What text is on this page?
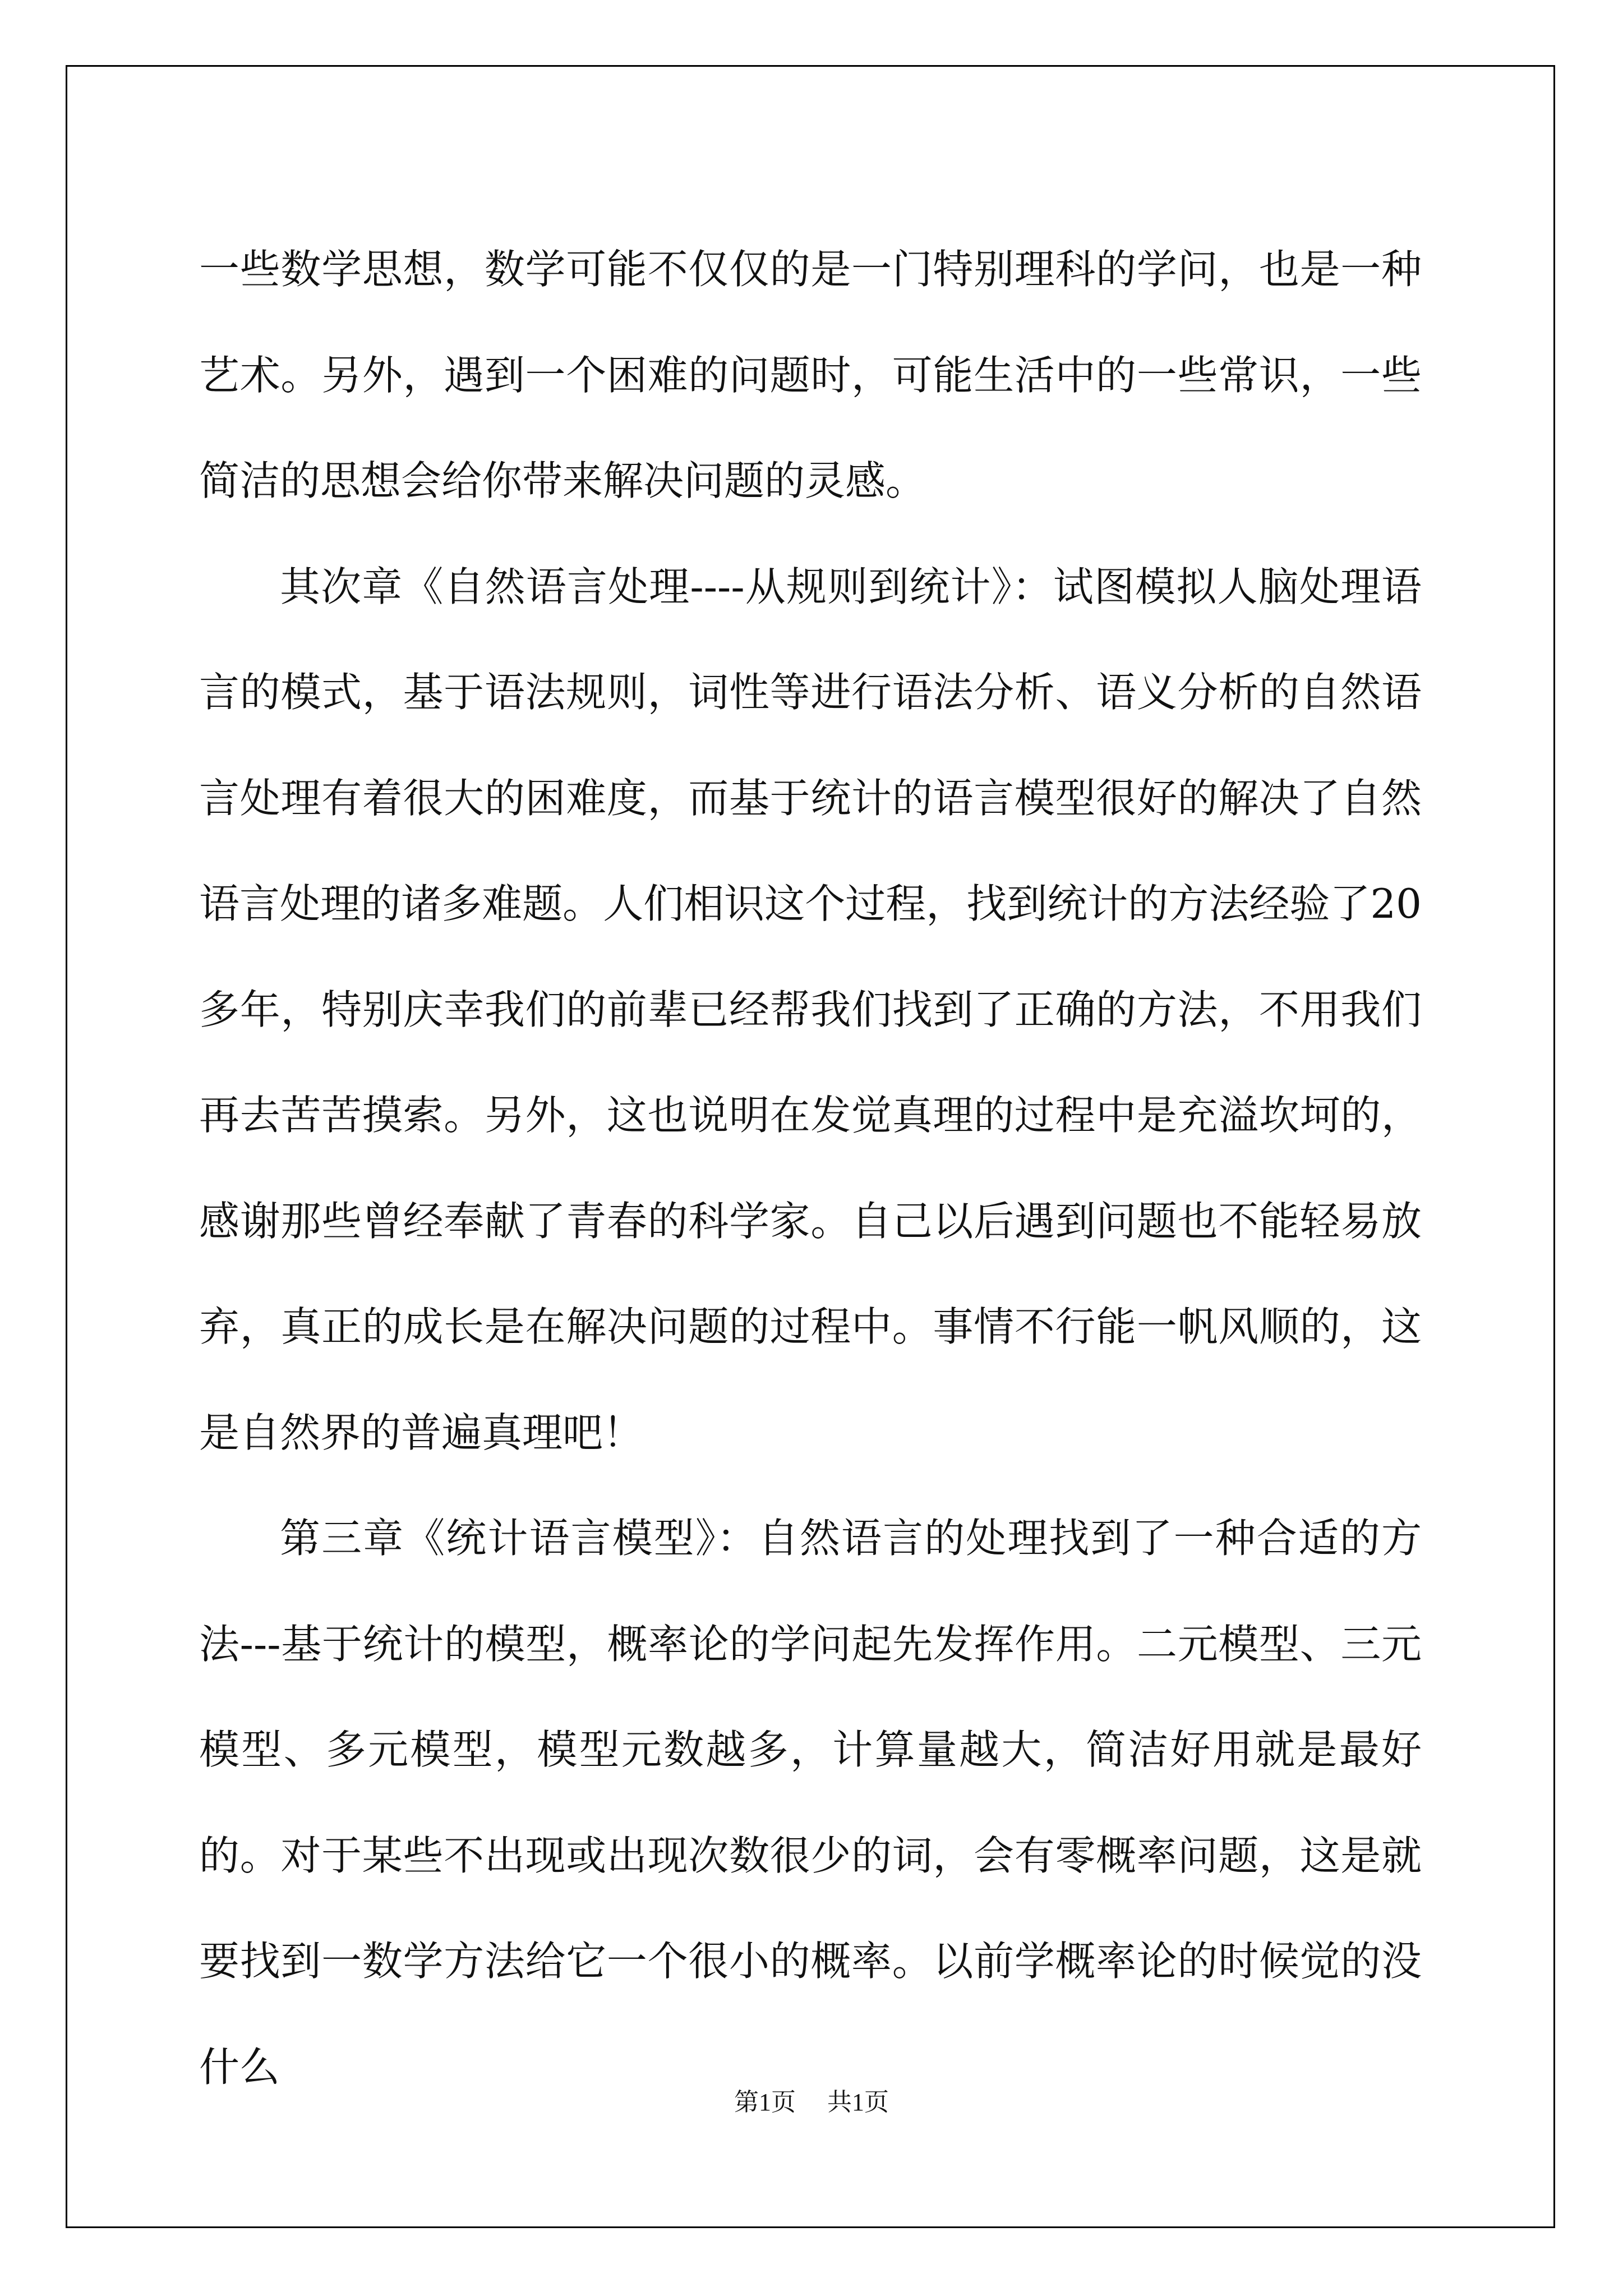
一些数学思想，数学可能不仅仅的是一门特别理科的学问，也是一种艺术。另外，遇到一个困难的问题时，可能生活中的一些常识，一些简洁的思想会给你带来解决问题的灵感。

其次章《自然语言处理----从规则到统计》：试图模拟人脑处理语言的模式，基于语法规则，词性等进行语法分析、语义分析的自然语言处理有着很大的困难度，而基于统计的语言模型很好的解决了自然语言处理的诸多难题。人们相识这个过程，找到统计的方法经验了20多年，特别庆幸我们的前辈已经帮我们找到了正确的方法，不用我们再去苦苦摸索。另外，这也说明在发觉真理的过程中是充溢坎坷的，感谢那些曾经奉献了青春的科学家。自己以后遇到问题也不能轻易放弃，真正的成长是在解决问题的过程中。事情不行能一帆风顺的，这是自然界的普遍真理吧！

第三章《统计语言模型》：自然语言的处理找到了一种合适的方法---基于统计的模型，概率论的学问起先发挥作用。二元模型、三元模型、多元模型，模型元数越多，计算量越大，简洁好用就是最好的。对于某些不出现或出现次数很少的词，会有零概率问题，这是就要找到一数学方法给它一个很小的概率。以前学概率论的时候觉的没什么

第1页 共1页
